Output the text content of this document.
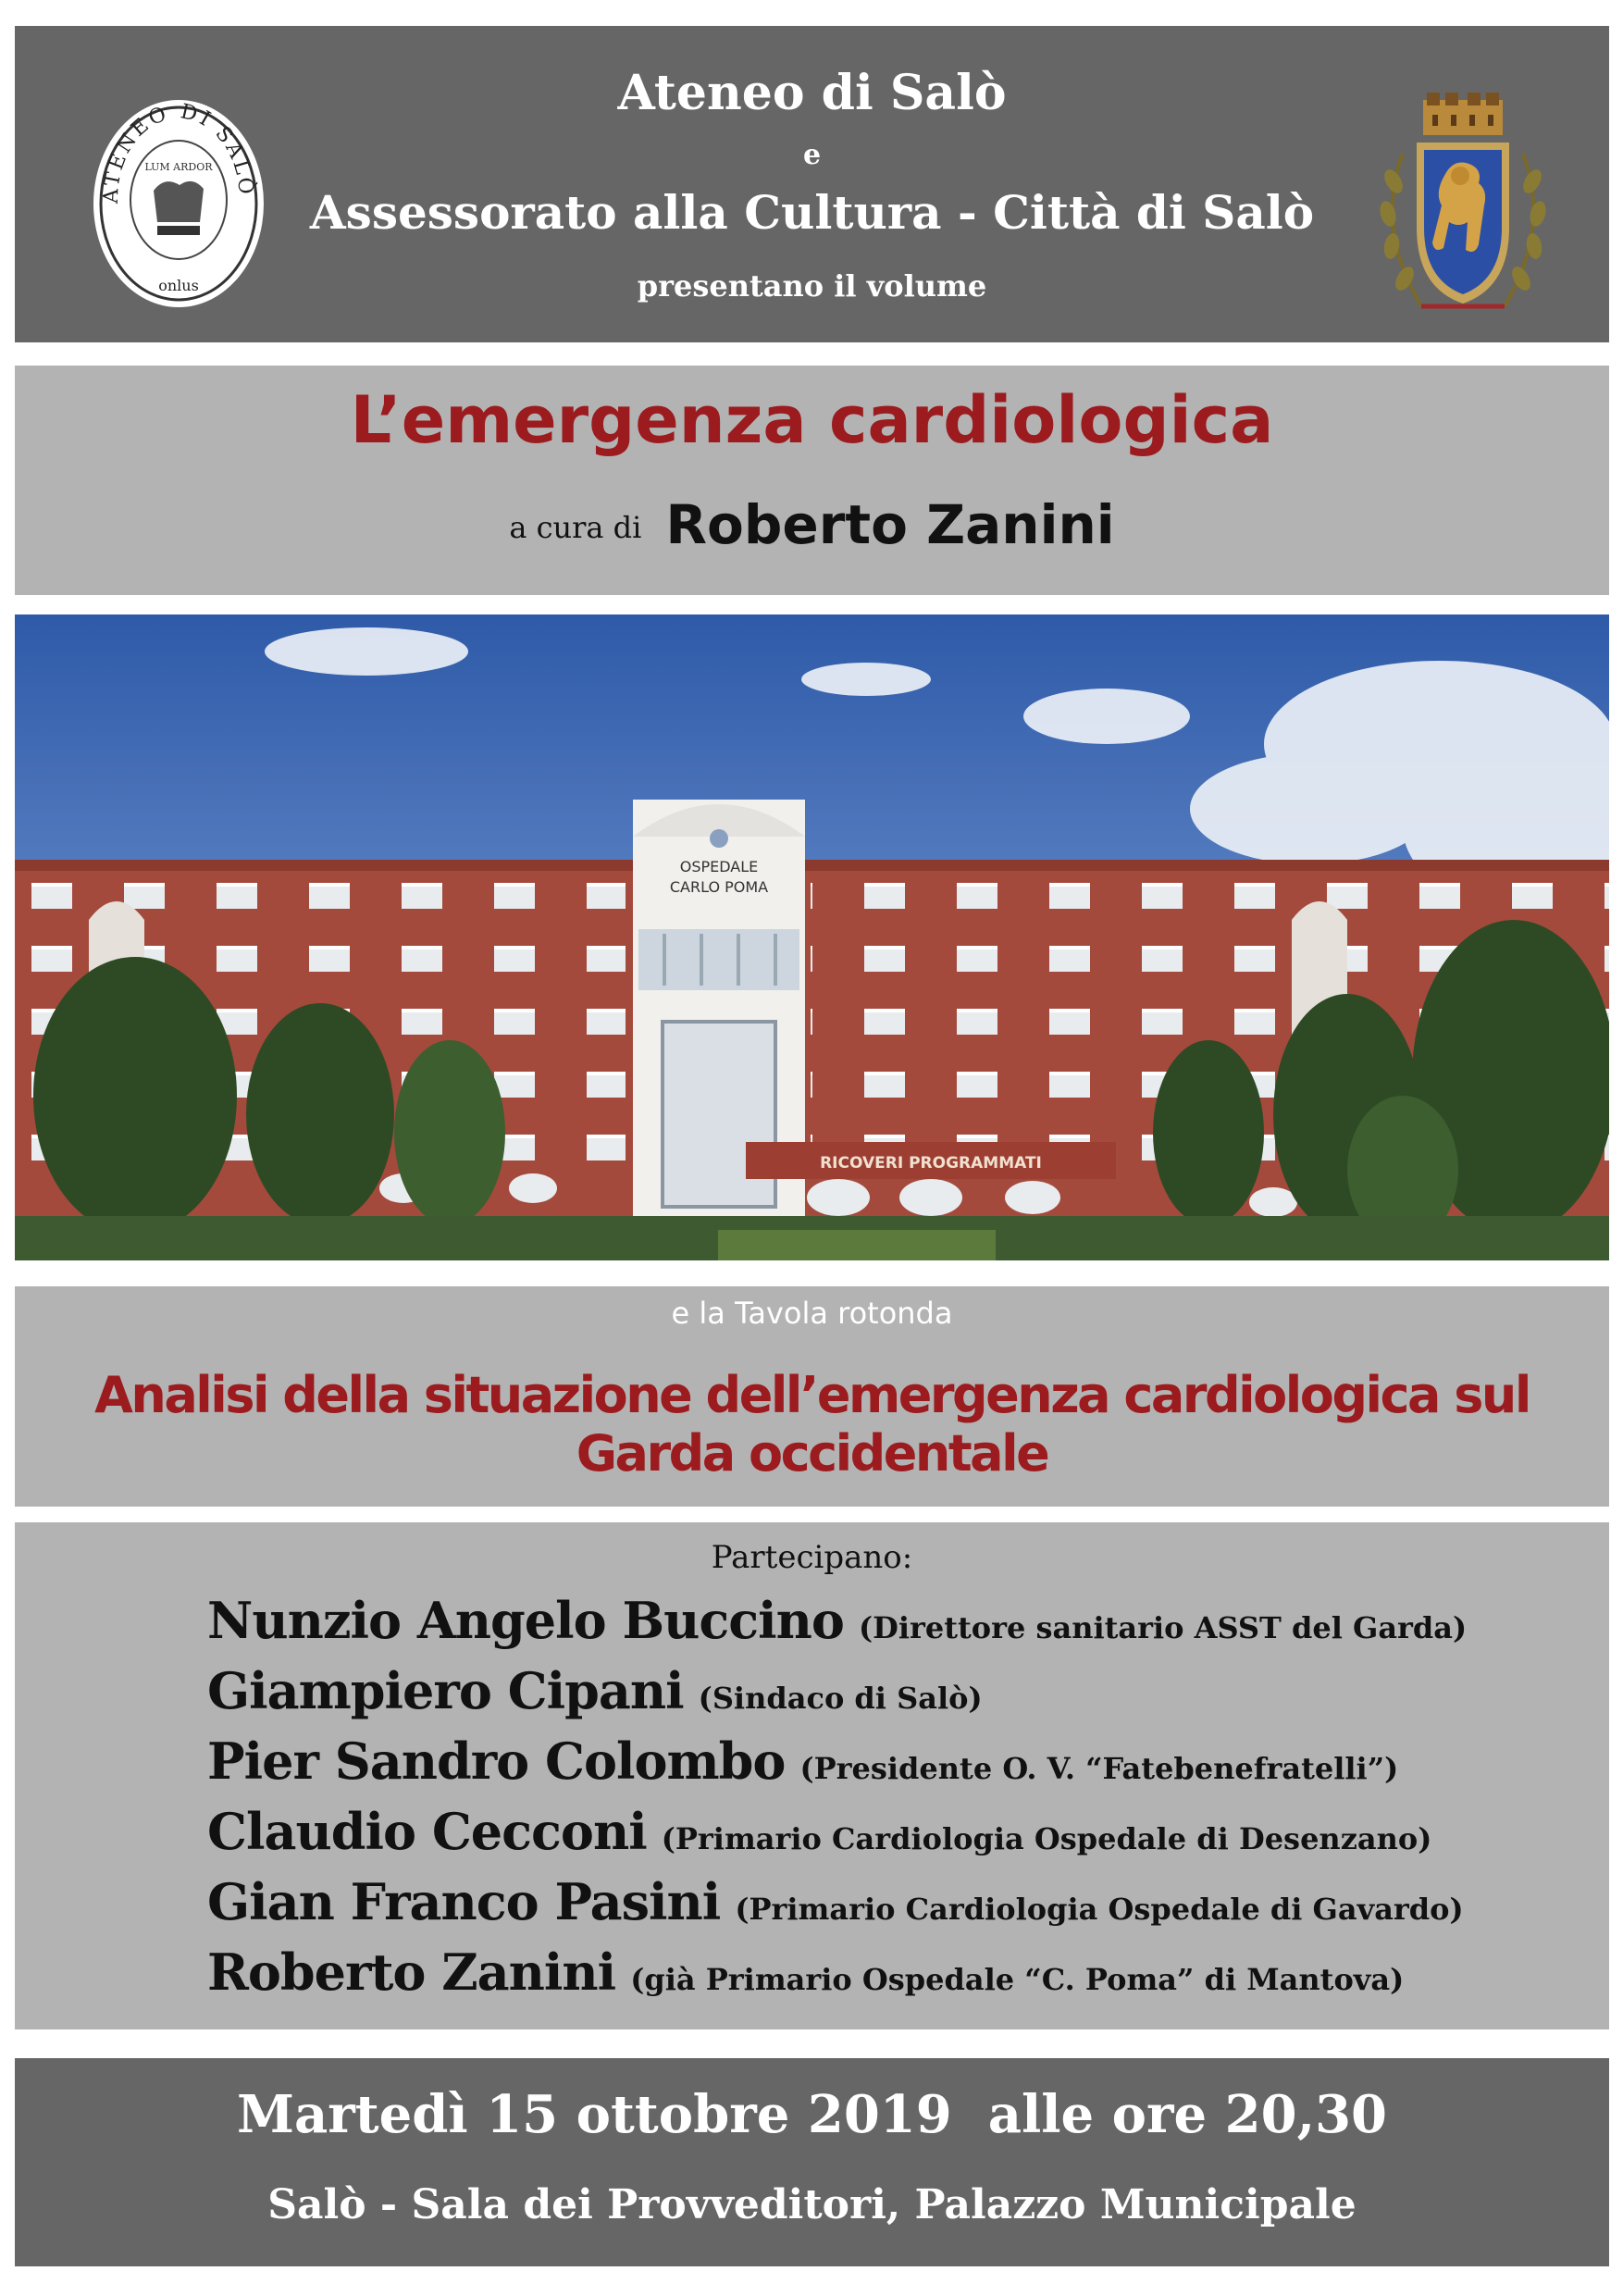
ATENEO DI SALÒ
LUM ARDOR
onlus
Ateneo di Salò
e
Assessorato alla Cultura - Città di Salò
presentano il volume
L’emergenza cardiologica
a cura di Roberto Zanini
OSPEDALE
CARLO POMA
RICOVERI PROGRAMMATI
e la Tavola rotonda
Analisi della situazione dell’emergenza cardiologica sul Garda occidentale
Partecipano:
Nunzio Angelo Buccino (Direttore sanitario ASST del Garda)
Giampiero Cipani (Sindaco di Salò)
Pier Sandro Colombo (Presidente O. V. “Fatebenefratelli”)
Claudio Cecconi (Primario Cardiologia Ospedale di Desenzano)
Gian Franco Pasini (Primario Cardiologia Ospedale di Gavardo)
Roberto Zanini (già Primario Ospedale “C. Poma” di Mantova)
Martedì 15 ottobre 2019  alle ore 20,30
Salò - Sala dei Provveditori, Palazzo Municipale
